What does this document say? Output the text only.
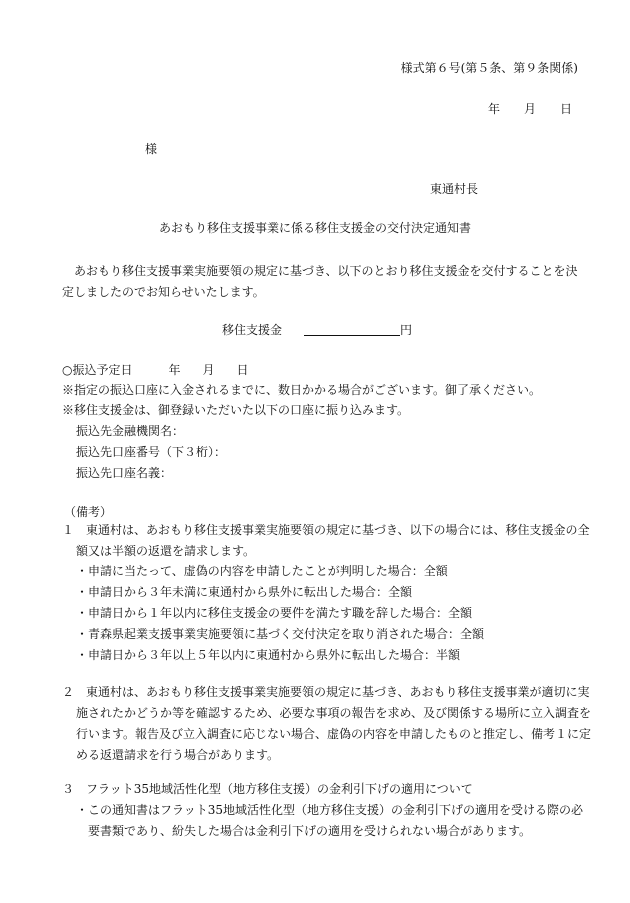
様式第６号(第５条、第９条関係)
年 月 日
様
東通村長
あおもり移住支援事業に係る移住支援金の交付決定通知書
あおもり移住支援事業実施要領の規定に基づき、以下のとおり移住支援金を交付することを決定しましたのでお知らせいたします。
移住支援金	円
○振込予定日	年 月 日
※指定の振込口座に入金されるまでに、数日かかる場合がございます。御了承ください。
※移住支援金は、御登録いただいた以下の口座に振り込みます。
振込先金融機関名：
振込先口座番号（下３桁）：
振込先口座名義：
（備考）
１ 東通村は、あおもり移住支援事業実施要領の規定に基づき、以下の場合には、移住支援金の全額又は半額の返還を請求します。
・申請に当たって、虚偽の内容を申請したことが判明した場合：全額
・申請日から３年未満に東通村から県外に転出した場合：全額
・申請日から１年以内に移住支援金の要件を満たす職を辞した場合：全額
・青森県起業支援事業実施要領に基づく交付決定を取り消された場合：全額
・申請日から３年以上５年以内に東通村から県外に転出した場合：半額
２ 東通村は、あおもり移住支援事業実施要領の規定に基づき、あおもり移住支援事業が適切に実施されたかどうか等を確認するため、必要な事項の報告を求め、及び関係する場所に立入調査を行います。報告及び立入調査に応じない場合、虚偽の内容を申請したものと推定し、備考１に定める返還請求を行う場合があります。
３ フラット35地域活性化型（地方移住支援）の金利引下げの適用について
・この通知書はフラット35地域活性化型（地方移住支援）の金利引下げの適用を受ける際の必要書類であり、紛失した場合は金利引下げの適用を受けられない場合があります。
